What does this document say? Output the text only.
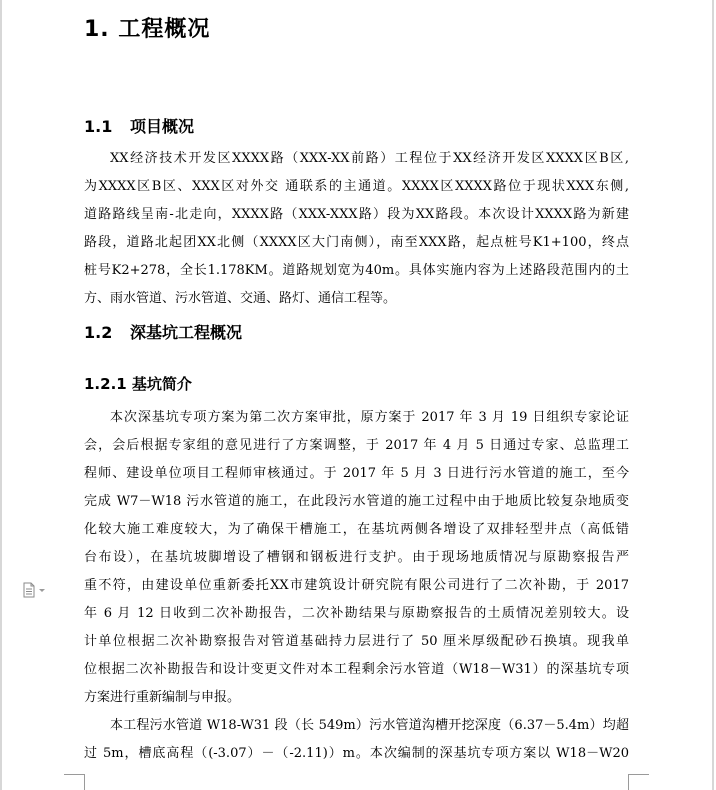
1. 工程概况
1.1 项目概况
XX经济技术开发区XXXX路（XXX-XX前路）工程位于XX经济开发区XXXX区B区,
为XXXX区B区、XXX区对外交 通联系的主通道。XXXX区XXXX路位于现状XXX东侧,
道路路线呈南-北走向，XXXX路（XXX-XXX路）段为XX路段。本次设计XXXX路为新建
路段，道路北起团XX北侧（XXXX区大门南侧），南至XXX路，起点桩号K1+100，终点
桩号K2+278，全长1.178KM。道路规划宽为40m。具体实施内容为上述路段范围内的土
方、雨水管道、污水管道、交通、路灯、通信工程等。
1.2 深基坑工程概况
1.2.1 基坑简介
本次深基坑专项方案为第二次方案审批，原方案于 2017 年 3 月 19 日组织专家论证
会，会后根据专家组的意见进行了方案调整，于 2017 年 4 月 5 日通过专家、总监理工
程师、建设单位项目工程师审核通过。于 2017 年 5 月 3 日进行污水管道的施工，至今
完成 W7－W18 污水管道的施工，在此段污水管道的施工过程中由于地质比较复杂地质变
化较大施工难度较大，为了确保干槽施工，在基坑两侧各增设了双排轻型井点（高低错
台布设），在基坑坡脚增设了槽钢和钢板进行支护。由于现场地质情况与原勘察报告严
重不符，由建设单位重新委托XX市建筑设计研究院有限公司进行了二次补勘，于 2017
年 6 月 12 日收到二次补勘报告，二次补勘结果与原勘察报告的土质情况差别较大。设
计单位根据二次补勘察报告对管道基础持力层进行了 50 厘米厚级配砂石换填。现我单
位根据二次补勘报告和设计变更文件对本工程剩余污水管道（W18－W31）的深基坑专项
方案进行重新编制与申报。
本工程污水管道 W18-W31 段（长 549m）污水管道沟槽开挖深度（6.37－5.4m）均超
过 5m，槽底高程（(-3.07）－（-2.11)）m。本次编制的深基坑专项方案以 W18－W20
